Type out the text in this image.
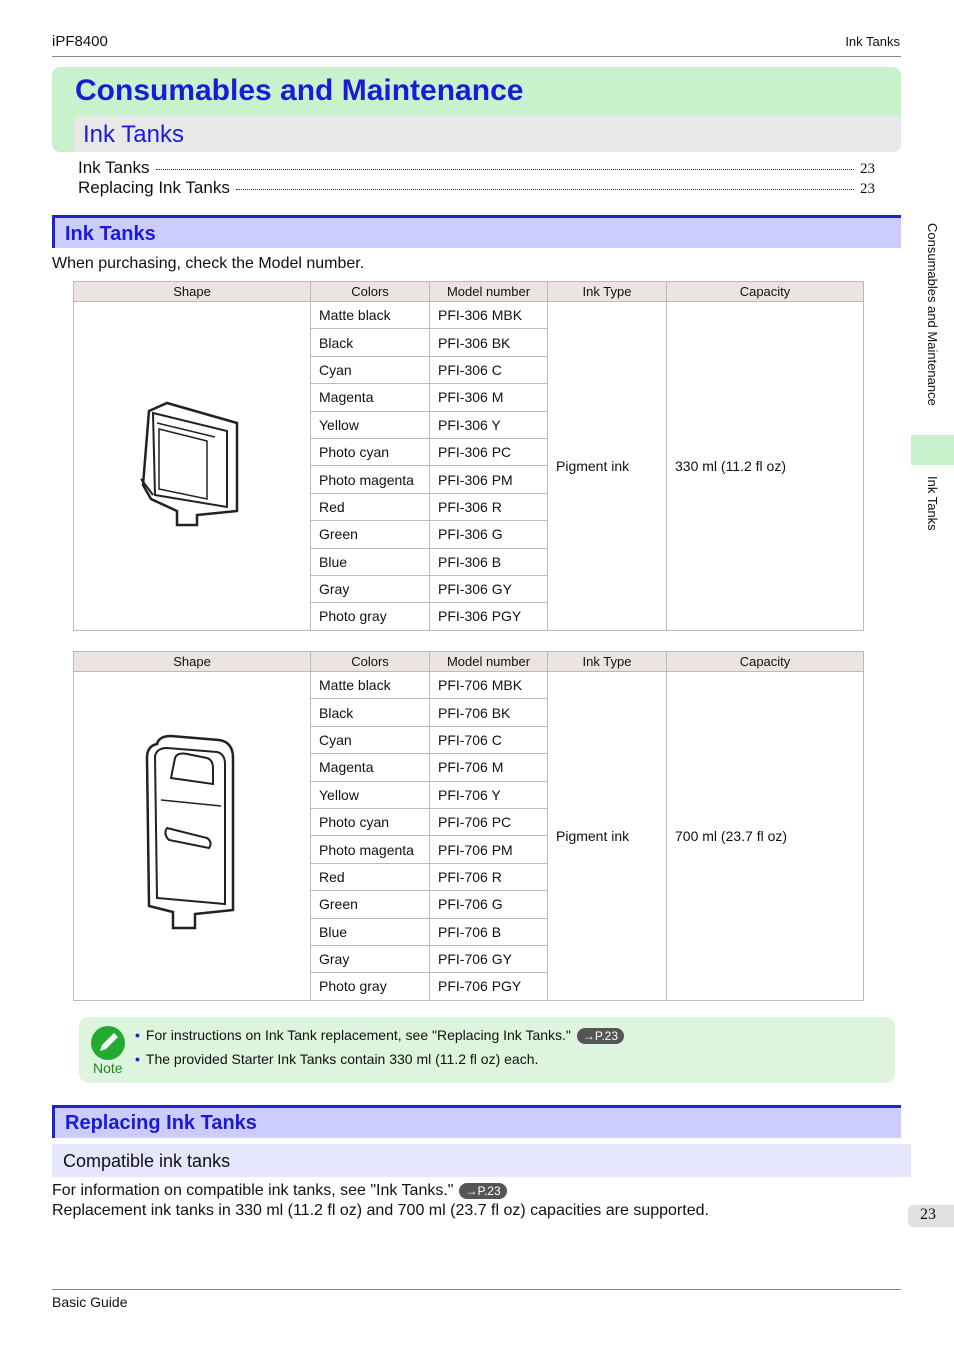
iPF8400	Ink Tanks
Consumables and Maintenance
Ink Tanks
Ink Tanks	23
Replacing Ink Tanks	23
Ink Tanks
When purchasing, check the Model number.
Shape	Colors	Model number	Ink Type	Capacity
	Matte black	PFI-306 MBK	Pigment ink	330 ml (11.2 fl oz)
	Black	PFI-306 BK		
	Cyan	PFI-306 C		
	Magenta	PFI-306 M		
	Yellow	PFI-306 Y		
	Photo cyan	PFI-306 PC		
	Photo magenta	PFI-306 PM		
	Red	PFI-306 R		
	Green	PFI-306 G		
	Blue	PFI-306 B		
	Gray	PFI-306 GY		
	Photo gray	PFI-306 PGY		
Shape	Colors	Model number	Ink Type	Capacity
	Matte black	PFI-706 MBK	Pigment ink	700 ml (23.7 fl oz)
	Black	PFI-706 BK		
	Cyan	PFI-706 C		
	Magenta	PFI-706 M		
	Yellow	PFI-706 Y		
	Photo cyan	PFI-706 PC		
	Photo magenta	PFI-706 PM		
	Red	PFI-706 R		
	Green	PFI-706 G		
	Blue	PFI-706 B		
	Gray	PFI-706 GY		
	Photo gray	PFI-706 PGY		
Note
• For instructions on Ink Tank replacement, see "Replacing Ink Tanks." →P.23
• The provided Starter Ink Tanks contain 330 ml (11.2 fl oz) each.
Replacing Ink Tanks
Compatible ink tanks
For information on compatible ink tanks, see "Ink Tanks." →P.23
Replacement ink tanks in 330 ml (11.2 fl oz) and 700 ml (23.7 fl oz) capacities are supported.
Consumables and Maintenance
Ink Tanks
23
Basic Guide
